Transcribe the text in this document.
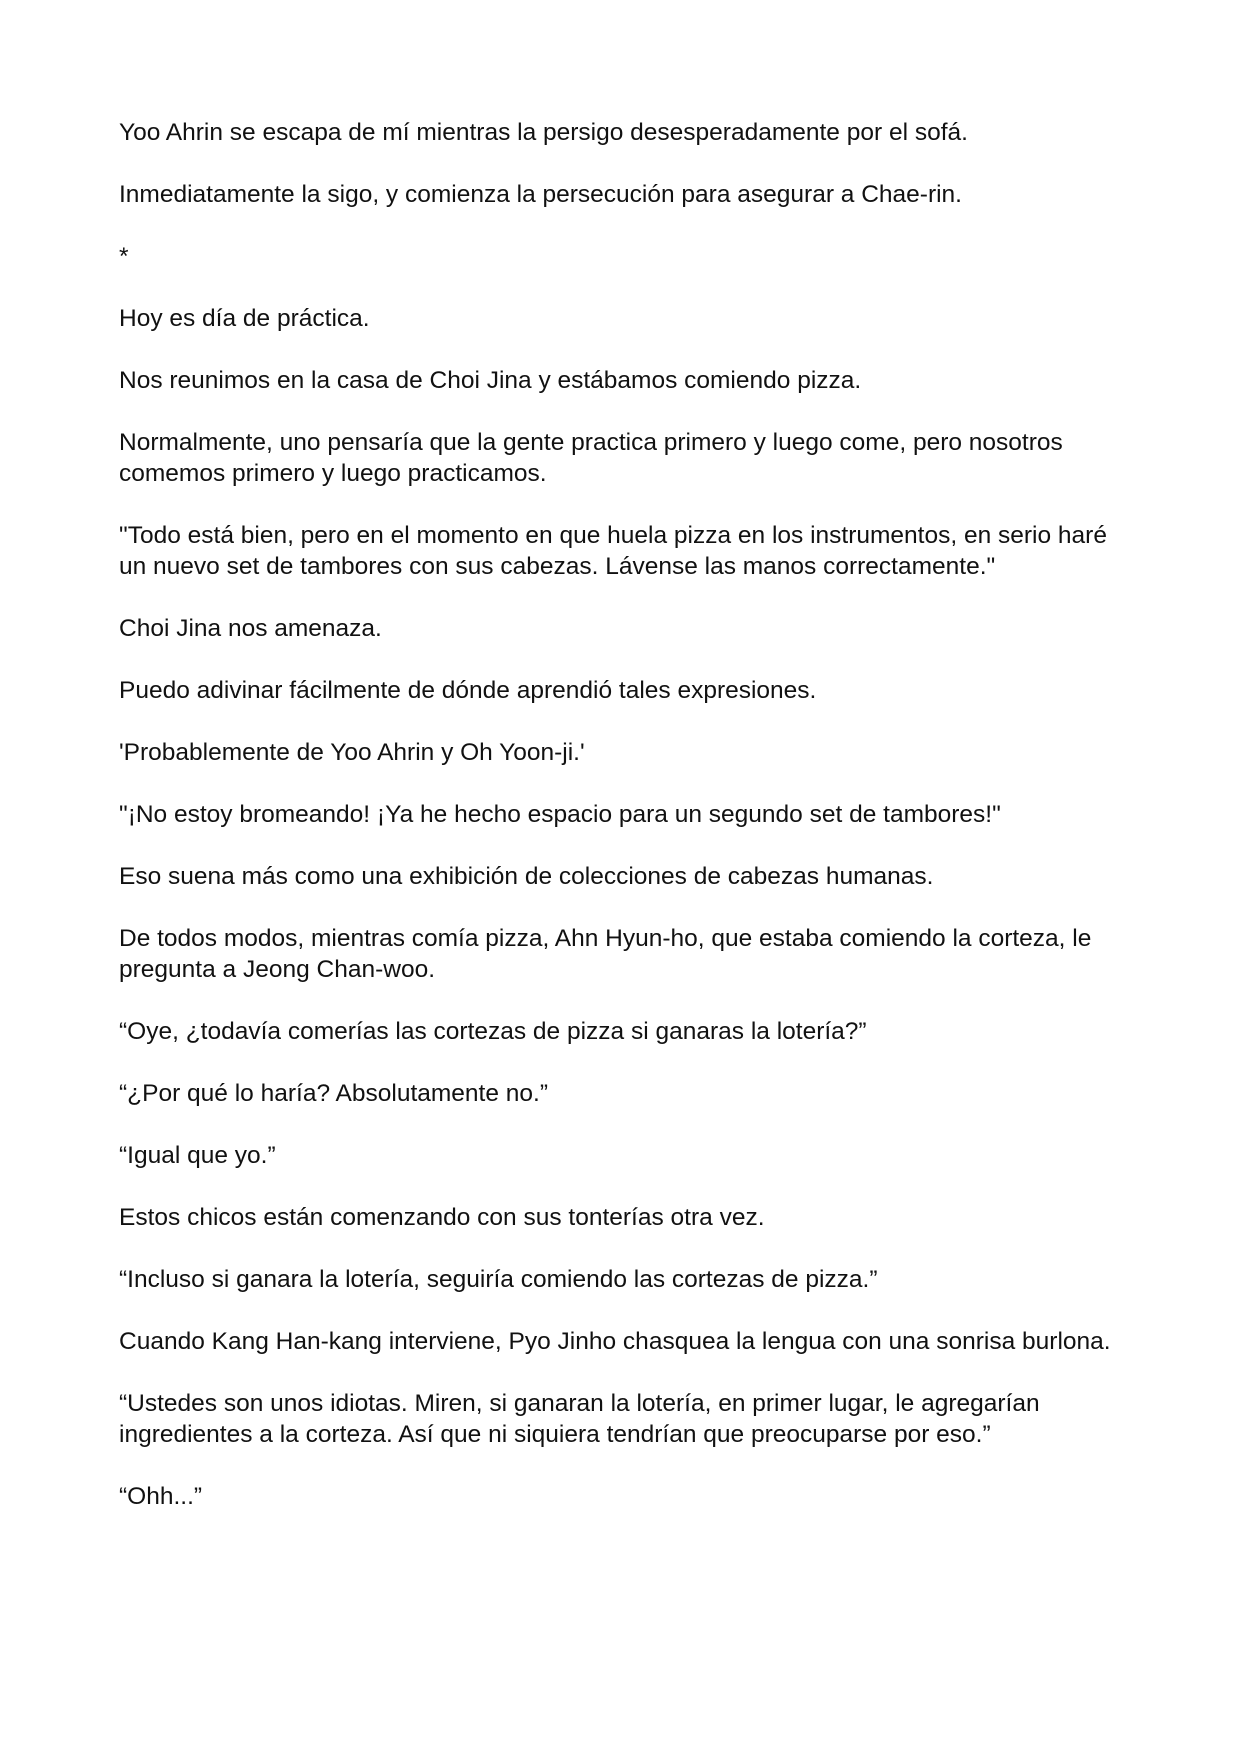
Yoo Ahrin se escapa de mí mientras la persigo desesperadamente por el sofá.

Inmediatamente la sigo, y comienza la persecución para asegurar a Chae-rin.

*

Hoy es día de práctica.

Nos reunimos en la casa de Choi Jina y estábamos comiendo pizza.

Normalmente, uno pensaría que la gente practica primero y luego come, pero nosotros comemos primero y luego practicamos.

"Todo está bien, pero en el momento en que huela pizza en los instrumentos, en serio haré un nuevo set de tambores con sus cabezas. Lávense las manos correctamente."

Choi Jina nos amenaza.

Puedo adivinar fácilmente de dónde aprendió tales expresiones.

'Probablemente de Yoo Ahrin y Oh Yoon-ji.'

"¡No estoy bromeando! ¡Ya he hecho espacio para un segundo set de tambores!"

Eso suena más como una exhibición de colecciones de cabezas humanas.

De todos modos, mientras comía pizza, Ahn Hyun-ho, que estaba comiendo la corteza, le pregunta a Jeong Chan-woo.

“Oye, ¿todavía comerías las cortezas de pizza si ganaras la lotería?”

“¿Por qué lo haría? Absolutamente no.”

“Igual que yo.”

Estos chicos están comenzando con sus tonterías otra vez.

“Incluso si ganara la lotería, seguiría comiendo las cortezas de pizza.”

Cuando Kang Han-kang interviene, Pyo Jinho chasquea la lengua con una sonrisa burlona.

“Ustedes son unos idiotas. Miren, si ganaran la lotería, en primer lugar, le agregarían ingredientes a la corteza. Así que ni siquiera tendrían que preocuparse por eso.”

“Ohh...”
